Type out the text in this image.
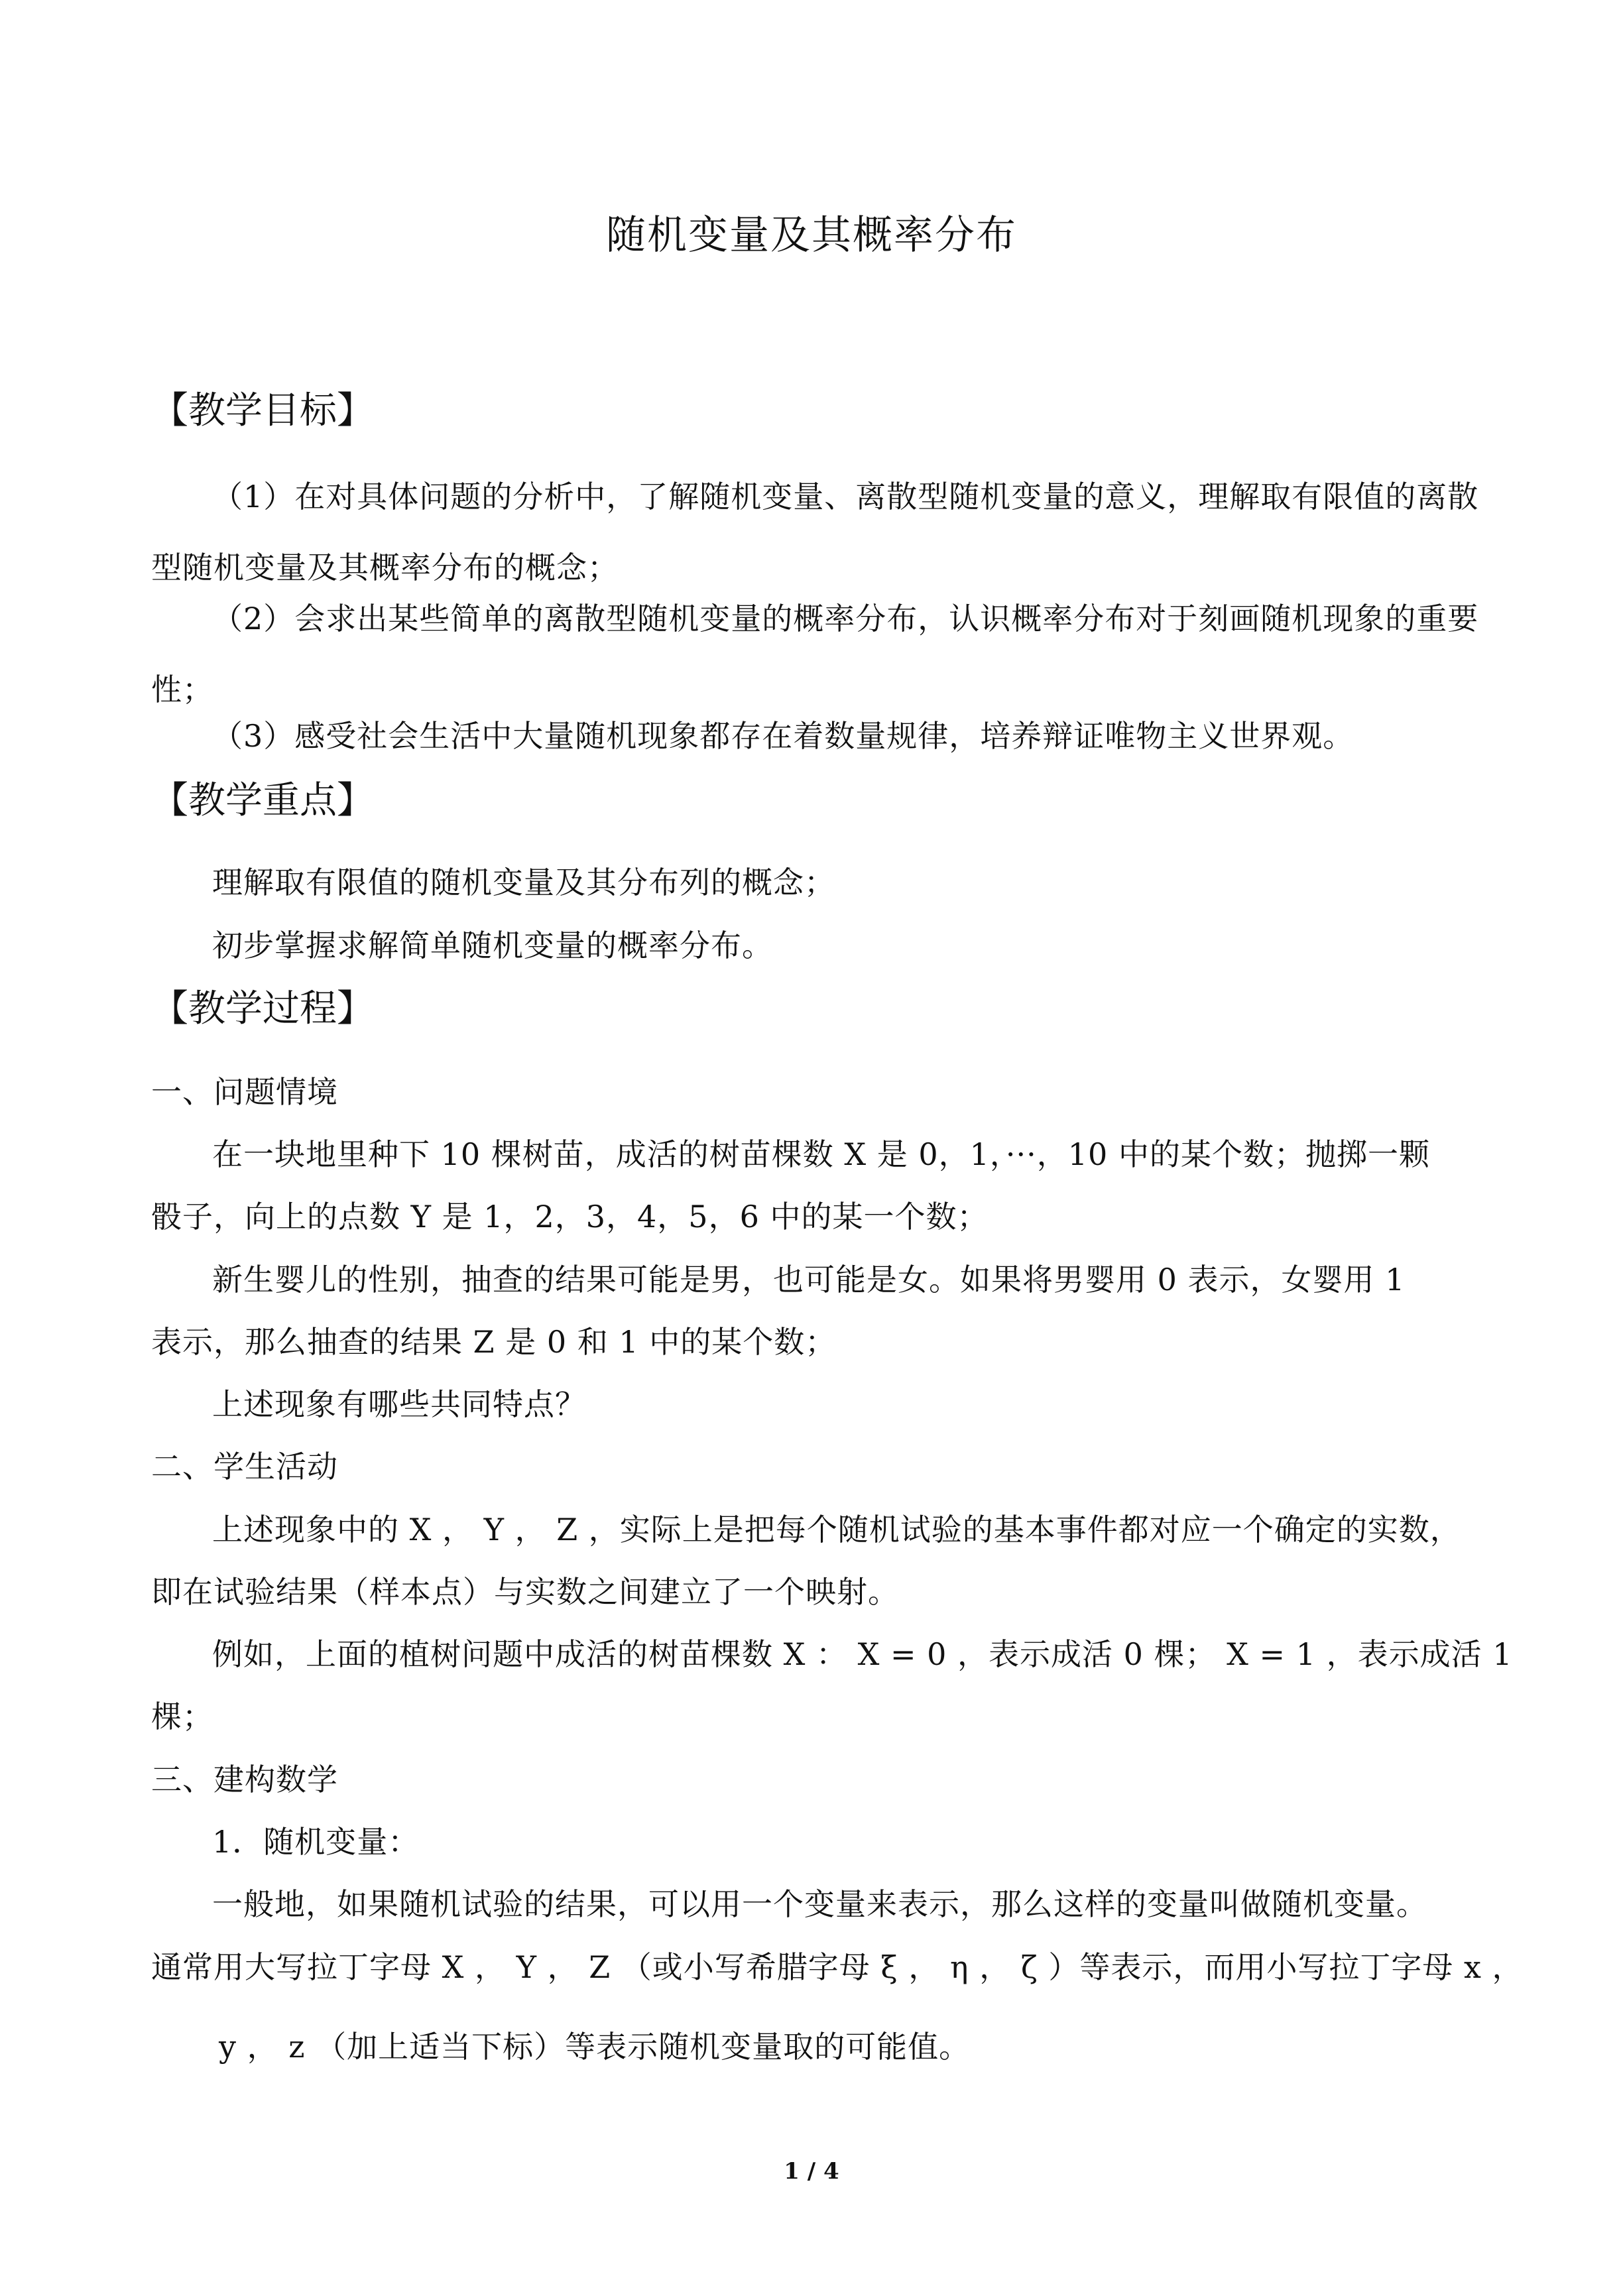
随机变量及其概率分布
【教学目标】
（1）在对具体问题的分析中，了解随机变量、离散型随机变量的意义，理解取有限值的离散型随机变量及其概率分布的概念；
（2）会求出某些简单的离散型随机变量的概率分布，认识概率分布对于刻画随机现象的重要性；
（3）感受社会生活中大量随机现象都存在着数量规律，培养辩证唯物主义世界观。
【教学重点】
理解取有限值的随机变量及其分布列的概念；
初步掌握求解简单随机变量的概率分布。
【教学过程】
一、问题情境
在一块地里种下 10 棵树苗，成活的树苗棵数 X 是 0，1，···，10 中的某个数；抛掷一颗
骰子，向上的点数 Y 是 1，2，3，4，5，6 中的某一个数；
新生婴儿的性别，抽查的结果可能是男，也可能是女。如果将男婴用 0 表示，女婴用 1
表示，那么抽查的结果 Z 是 0 和 1 中的某个数；
上述现象有哪些共同特点？
二、学生活动
上述现象中的 X ， Y ， Z ，实际上是把每个随机试验的基本事件都对应一个确定的实数，
即在试验结果（样本点）与实数之间建立了一个映射。
例如，上面的植树问题中成活的树苗棵数 X ： X = 0 ，表示成活 0 棵； X = 1 ，表示成活 1
棵；
三、建构数学
1．随机变量：
一般地，如果随机试验的结果，可以用一个变量来表示，那么这样的变量叫做随机变量。
通常用大写拉丁字母 X ， Y ， Z （或小写希腊字母 ξ ， η ， ζ ）等表示，而用小写拉丁字母 x ，
y ， z （加上适当下标）等表示随机变量取的可能值。
1 / 4
